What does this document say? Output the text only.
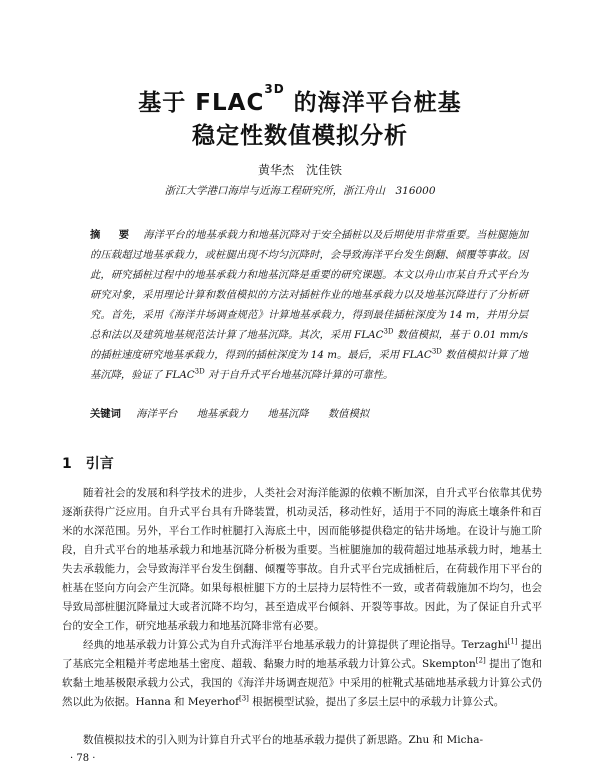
基于 $FLAC^{3D}$ 的海洋平台桩基
稳定性数值模拟分析
黄华杰　沈佳铁
浙江大学港口海岸与近海工程研究所，浙江舟山　316000
摘　要 海洋平台的地基承载力和地基沉降对于安全插桩以及后期使用非常重要。当桩腿施加的压载超过地基承载力，或桩腿出现不均匀沉降时，会导致海洋平台发生倒翻、倾覆等事故。因此，研究插桩过程中的地基承载力和地基沉降是重要的研究课题。本文以舟山市某自升式平台为研究对象，采用理论计算和数值模拟的方法对插桩作业的地基承载力以及地基沉降进行了分析研究。首先，采用《海洋井场调查规范》计算地基承载力，得到最佳插桩深度为 14 m，并用分层总和法以及建筑地基规范法计算了地基沉降。其次，采用 $FLAC^{3D}$ 数值模拟，基于 0.01 mm/s 的插桩速度研究地基承载力，得到的插桩深度为 14 m。最后，采用 $FLAC^{3D}$ 数值模拟计算了地基沉降，验证了 $FLAC^{3D}$ 对于自升式平台地基沉降计算的可靠性。
关键词 海洋平台 地基承载力 地基沉降 数值模拟
1 引言

随着社会的发展和科学技术的进步，人类社会对海洋能源的依赖不断加深，自升式平台依靠其优势逐渐获得广泛应用。自升式平台具有升降装置，机动灵活，移动性好，适用于不同的海底土壤条件和百米的水深范围。另外，平台工作时桩腿打入海底土中，因而能够提供稳定的钻井场地。在设计与施工阶段，自升式平台的地基承载力和地基沉降分析极为重要。当桩腿施加的载荷超过地基承载力时，地基土失去承载能力，会导致海洋平台发生倒翻、倾覆等事故。自升式平台完成插桩后，在荷载作用下平台的桩基在竖向方向会产生沉降。如果每根桩腿下方的土层持力层特性不一致，或者荷载施加不均匀，也会导致局部桩腿沉降量过大或者沉降不均匀，甚至造成平台倾斜、开裂等事故。因此，为了保证自升式平台的安全工作，研究地基承载力和地基沉降非常有必要。

经典的地基承载力计算公式为自升式海洋平台地基承载力的计算提供了理论指导。Terzaghi[1] 提出了基底完全粗糙并考虑地基土密度、超载、黏聚力时的地基承载力计算公式。Skempton[2] 提出了饱和软黏土地基极限承载力公式，我国的《海洋井场调查规范》中采用的桩靴式基础地基承载力计算公式仍然以此为依据。Hanna 和 Meyerhof[3] 根据模型试验，提出了多层土层中的承载力计算公式。

数值模拟技术的引入则为计算自升式平台的地基承载力提供了新思路。Zhu 和 Micha-

· 78 ·
